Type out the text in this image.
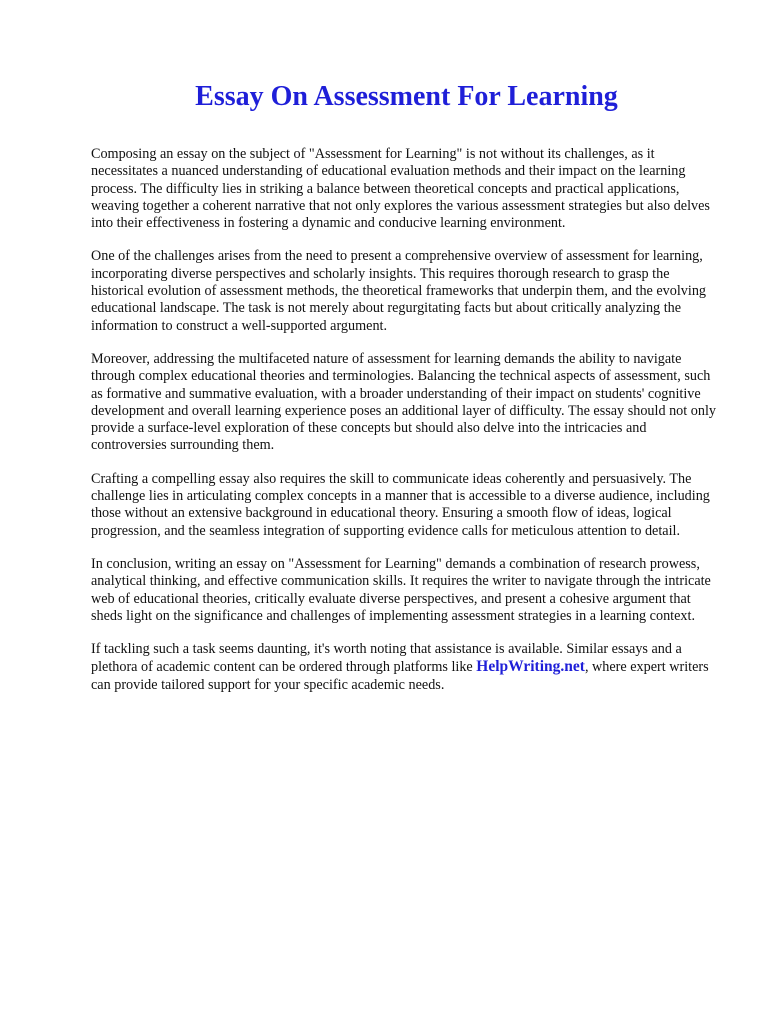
Essay On Assessment For Learning

Composing an essay on the subject of "Assessment for Learning" is not without its challenges, as it necessitates a nuanced understanding of educational evaluation methods and their impact on the learning process. The difficulty lies in striking a balance between theoretical concepts and practical applications, weaving together a coherent narrative that not only explores the various assessment strategies but also delves into their effectiveness in fostering a dynamic and conducive learning environment.

One of the challenges arises from the need to present a comprehensive overview of assessment for learning, incorporating diverse perspectives and scholarly insights. This requires thorough research to grasp the historical evolution of assessment methods, the theoretical frameworks that underpin them, and the evolving educational landscape. The task is not merely about regurgitating facts but about critically analyzing the information to construct a well-supported argument.

Moreover, addressing the multifaceted nature of assessment for learning demands the ability to navigate through complex educational theories and terminologies. Balancing the technical aspects of assessment, such as formative and summative evaluation, with a broader understanding of their impact on students' cognitive development and overall learning experience poses an additional layer of difficulty. The essay should not only provide a surface-level exploration of these concepts but should also delve into the intricacies and controversies surrounding them.

Crafting a compelling essay also requires the skill to communicate ideas coherently and persuasively. The challenge lies in articulating complex concepts in a manner that is accessible to a diverse audience, including those without an extensive background in educational theory. Ensuring a smooth flow of ideas, logical progression, and the seamless integration of supporting evidence calls for meticulous attention to detail.

In conclusion, writing an essay on "Assessment for Learning" demands a combination of research prowess, analytical thinking, and effective communication skills. It requires the writer to navigate through the intricate web of educational theories, critically evaluate diverse perspectives, and present a cohesive argument that sheds light on the significance and challenges of implementing assessment strategies in a learning context.

If tackling such a task seems daunting, it's worth noting that assistance is available. Similar essays and a plethora of academic content can be ordered through platforms like HelpWriting.net, where expert writers can provide tailored support for your specific academic needs.
